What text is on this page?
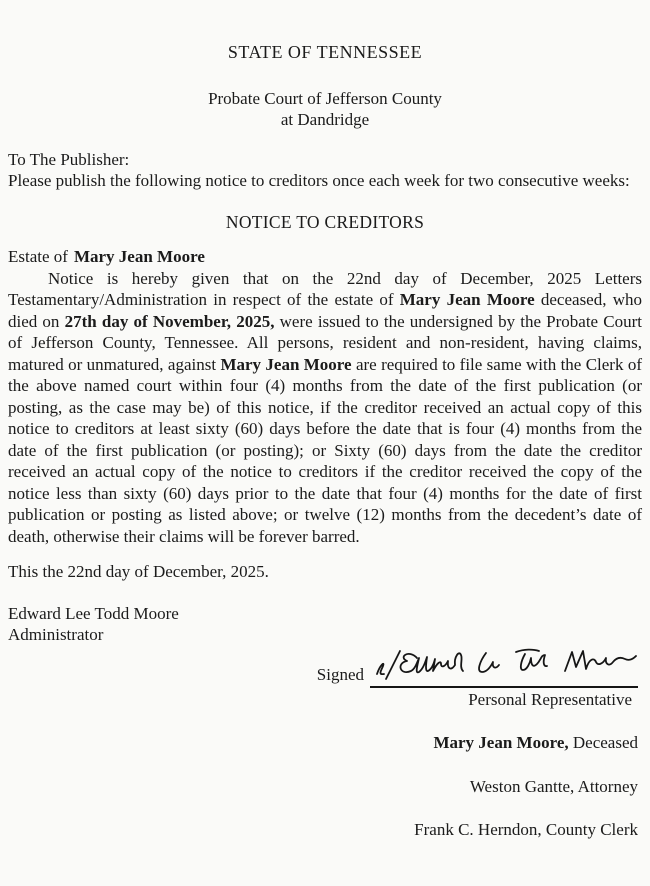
STATE OF TENNESSEE
Probate Court of Jefferson County
at Dandridge
To The Publisher:
Please publish the following notice to creditors once each week for two consecutive weeks:
NOTICE TO CREDITORS
Estate of Mary Jean Moore

Notice is hereby given that on the 22nd day of December, 2025 Letters Testamentary/Administration in respect of the estate of Mary Jean Moore deceased, who died on 27th day of November, 2025, were issued to the undersigned by the Probate Court of Jefferson County, Tennessee. All persons, resident and non-resident, having claims, matured or unmatured, against Mary Jean Moore are required to file same with the Clerk of the above named court within four (4) months from the date of the first publication (or posting, as the case may be) of this notice, if the creditor received an actual copy of this notice to creditors at least sixty (60) days before the date that is four (4) months from the date of the first publication (or posting); or Sixty (60) days from the date the creditor received an actual copy of the notice to creditors if the creditor received the copy of the notice less than sixty (60) days prior to the date that four (4) months for the date of first publication or posting as listed above; or twelve (12) months from the decedent’s date of death, otherwise their claims will be forever barred.

This the 22nd day of December, 2025.
Edward Lee Todd Moore
Administrator
Signed
Personal Representative
Mary Jean Moore, Deceased
Weston Gantte, Attorney
Frank C. Herndon, County Clerk
